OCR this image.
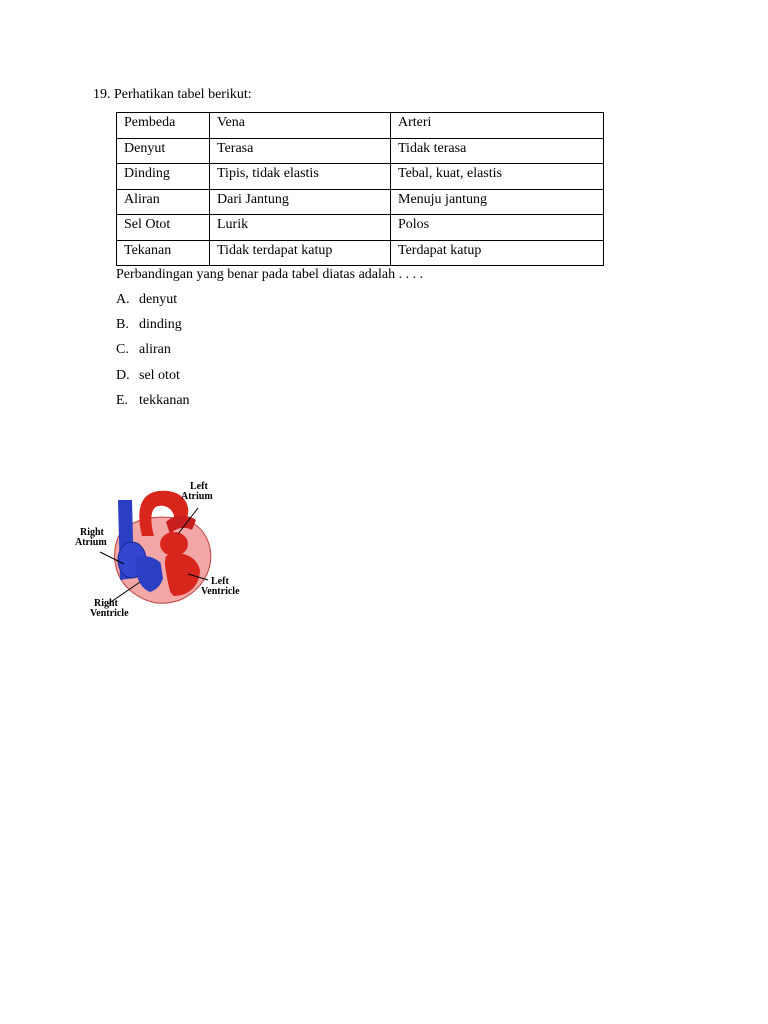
19. Perhatikan tabel berikut:
Pembeda	Vena	Arteri
Denyut	Terasa	Tidak terasa
Dinding	Tipis, tidak elastis	Tebal, kuat, elastis
Aliran	Dari Jantung	Menuju jantung
Sel Otot	Lurik	Polos
Tekanan	Tidak terdapat katup	Terdapat katup
Perbandingan yang benar pada tabel diatas adalah . . . .
A. denyut
B. dinding
C. aliran
D. sel otot
E. tekkanan
Left
Atrium
Right
Atrium
Left
Ventricle
Right
Ventricle
